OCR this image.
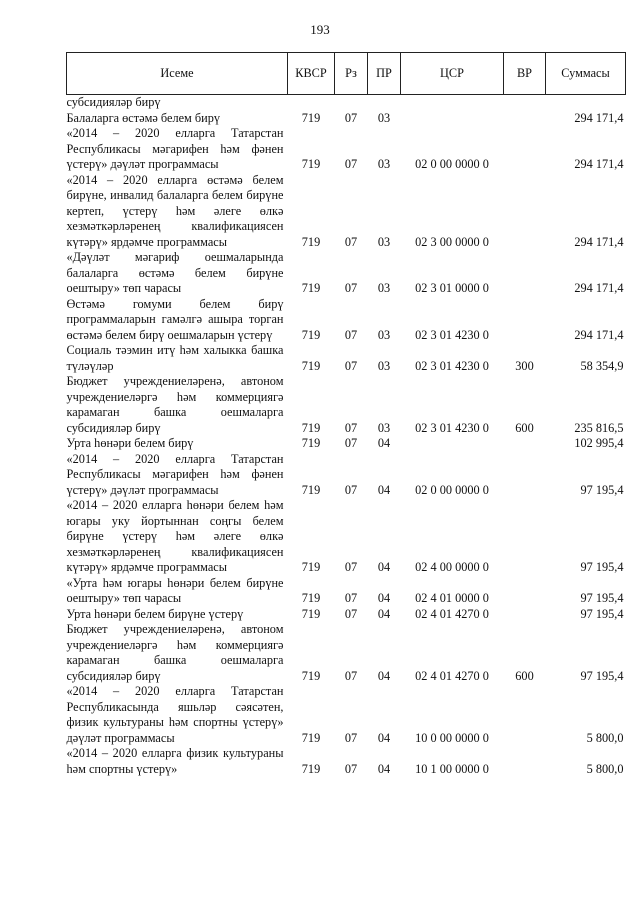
193
Исеме	КВСР	Рз	ПР	ЦСР	ВР	Суммасы
субсидияләр бирү						
Балаларга өстәмә белем бирү	719	07	03			294 171,4
«2014 – 2020 елларга Татарстан Республикасы мәгарифен һәм фәнен үстерү» дәүләт программасы	719	07	03	02 0 00 0000 0		294 171,4
«2014 – 2020 елларга өстәмә белем бирүне, инвалид балаларга белем бирүне кертеп, үстерү һәм әлеге өлкә хезмәткәрләренең квалификациясен күтәрү» ярдәмче программасы	719	07	03	02 3 00 0000 0		294 171,4
«Дәүләт мәгариф оешмаларында балаларга өстәмә белем бирүне оештыру» төп чарасы	719	07	03	02 3 01 0000 0		294 171,4
Өстәмә гомуми белем бирү программаларын гамәлгә ашыра торган өстәмә белем бирү оешмаларын үстерү	719	07	03	02 3 01 4230 0		294 171,4
Социаль тәэмин итү һәм халыкка башка түләүләр	719	07	03	02 3 01 4230 0	300	58 354,9
Бюджет учреждениеләренә, автоном учреждениеләргә һәм коммерциягә карамаган башка оешмаларга субсидияләр бирү	719	07	03	02 3 01 4230 0	600	235 816,5
Урта һөнәри белем бирү	719	07	04			102 995,4
«2014 – 2020 елларга Татарстан Республикасы мәгарифен һәм фәнен үстерү» дәүләт программасы	719	07	04	02 0 00 0000 0		97 195,4
«2014 – 2020 елларга һөнәри белем һәм югары уку йортыннан соңгы белем бирүне үстерү һәм әлеге өлкә хезмәткәрләренең квалификациясен күтәрү» ярдәмче программасы	719	07	04	02 4 00 0000 0		97 195,4
«Урта һәм югары һөнәри белем бирүне оештыру» төп чарасы	719	07	04	02 4 01 0000 0		97 195,4
Урта һөнәри белем бирүне үстерү	719	07	04	02 4 01 4270 0		97 195,4
Бюджет учреждениеләренә, автоном учреждениеләргә һәм коммерциягә карамаган башка оешмаларга субсидияләр бирү	719	07	04	02 4 01 4270 0	600	97 195,4
«2014 – 2020 елларга Татарстан Республикасында яшьләр сәясәтен, физик культураны һәм спортны үстерү» дәүләт программасы	719	07	04	10 0 00 0000 0		5 800,0
«2014 – 2020 елларга физик культураны һәм спортны үстерү»	719	07	04	10 1 00 0000 0		5 800,0
